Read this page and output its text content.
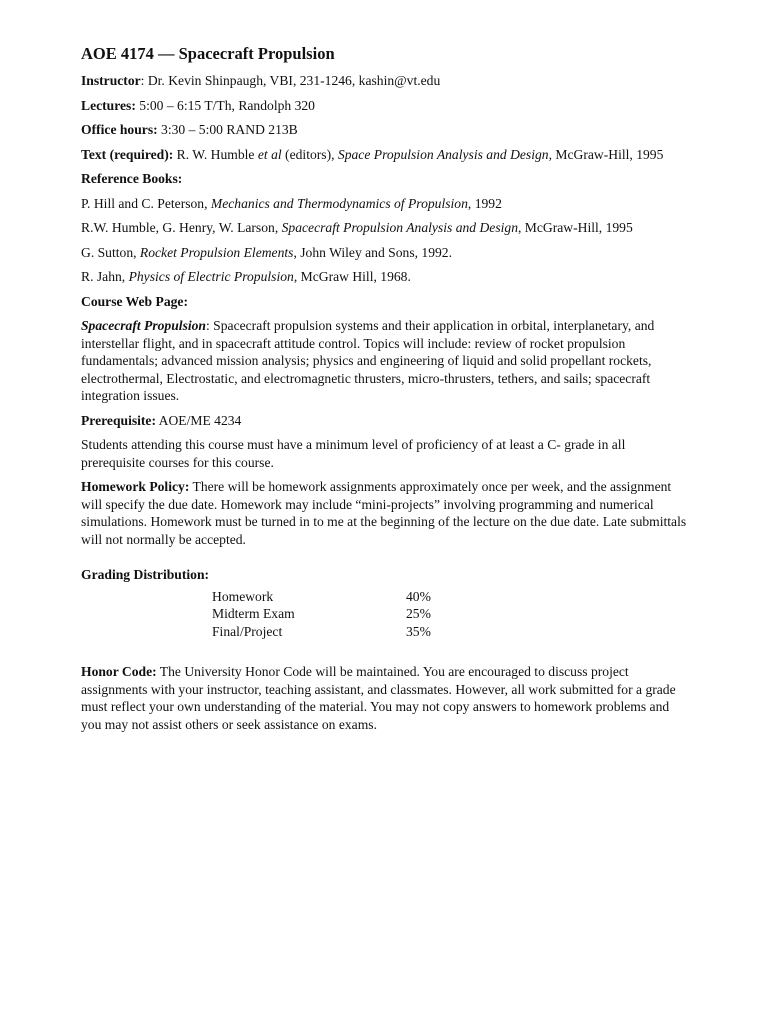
AOE 4174 — Spacecraft Propulsion

Instructor: Dr. Kevin Shinpaugh, VBI, 231-1246, kashin@vt.edu

Lectures: 5:00 – 6:15 T/Th, Randolph 320

Office hours: 3:30 – 5:00 RAND 213B

Text (required): R. W. Humble et al (editors), Space Propulsion Analysis and Design, McGraw-Hill, 1995

Reference Books:

P. Hill and C. Peterson, Mechanics and Thermodynamics of Propulsion, 1992

R.W. Humble, G. Henry, W. Larson, Spacecraft Propulsion Analysis and Design, McGraw-Hill, 1995

G. Sutton, Rocket Propulsion Elements, John Wiley and Sons, 1992.

R. Jahn, Physics of Electric Propulsion, McGraw Hill, 1968.

Course Web Page:

Spacecraft Propulsion: Spacecraft propulsion systems and their application in orbital, interplanetary, and interstellar flight, and in spacecraft attitude control. Topics will include: review of rocket propulsion fundamentals; advanced mission analysis; physics and engineering of liquid and solid propellant rockets, electrothermal, Electrostatic, and electromagnetic thrusters, micro-thrusters, tethers, and sails; spacecraft integration issues.

Prerequisite: AOE/ME 4234

Students attending this course must have a minimum level of proficiency of at least a C- grade in all prerequisite courses for this course.

Homework Policy: There will be homework assignments approximately once per week, and the assignment will specify the due date. Homework may include “mini-projects” involving programming and numerical simulations. Homework must be turned in to me at the beginning of the lecture on the due date. Late submittals will not normally be accepted.

Grading Distribution:

Homework	40%
Midterm Exam	25%
Final/Project	35%

Honor Code: The University Honor Code will be maintained. You are encouraged to discuss project assignments with your instructor, teaching assistant, and classmates. However, all work submitted for a grade must reflect your own understanding of the material. You may not copy answers to homework problems and you may not assist others or seek assistance on exams.
